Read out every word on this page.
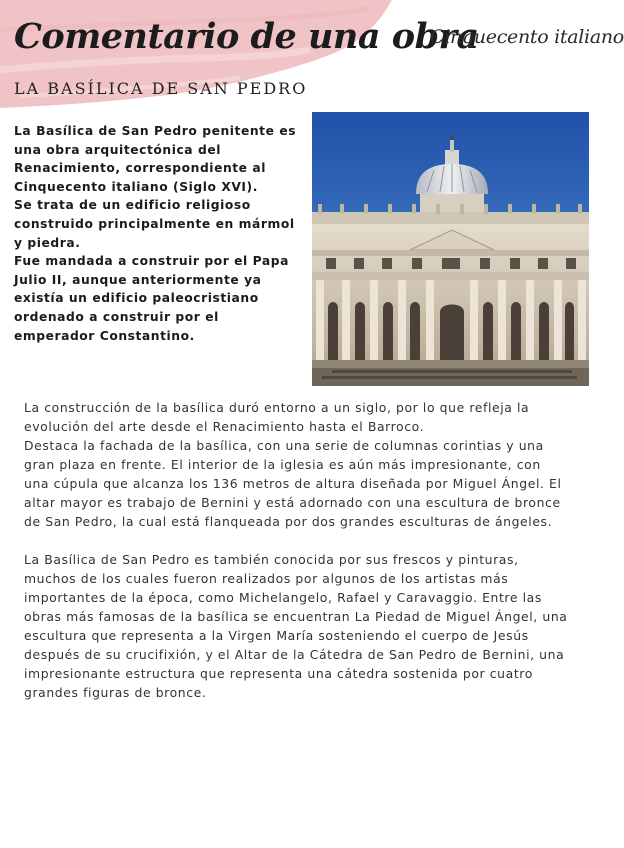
Comentario de una obra
Cinquecento italiano
LA BASÍLICA DE SAN PEDRO

La Basílica de San Pedro penitente es una obra arquitectónica del Renacimiento, correspondiente al Cinquecento italiano (Siglo XVI).

Se trata de un edificio religioso construido principalmente en mármol y piedra.

Fue mandada a construir por el Papa Julio II, aunque anteriormente ya existía un edificio paleocristiano ordenado a construir por el emperador Constantino.

La construcción de la basílica duró entorno a un siglo, por lo que refleja la evolución del arte desde el Renacimiento hasta el Barroco.

Destaca la fachada de la basílica, con una serie de columnas corintias y una gran plaza en frente. El interior de la iglesia es aún más impresionante, con una cúpula que alcanza los 136 metros de altura diseñada por Miguel Ángel. El altar mayor es trabajo de Bernini y está adornado con una escultura de bronce de San Pedro, la cual está flanqueada por dos grandes esculturas de ángeles.

La Basílica de San Pedro es también conocida por sus frescos y pinturas, muchos de los cuales fueron realizados por algunos de los artistas más importantes de la época, como Michelangelo, Rafael y Caravaggio. Entre las obras más famosas de la basílica se encuentran La Piedad de Miguel Ángel, una escultura que representa a la Virgen María sosteniendo el cuerpo de Jesús después de su crucifixión, y el Altar de la Cátedra de San Pedro de Bernini, una impresionante estructura que representa una cátedra sostenida por cuatro grandes figuras de bronce.
